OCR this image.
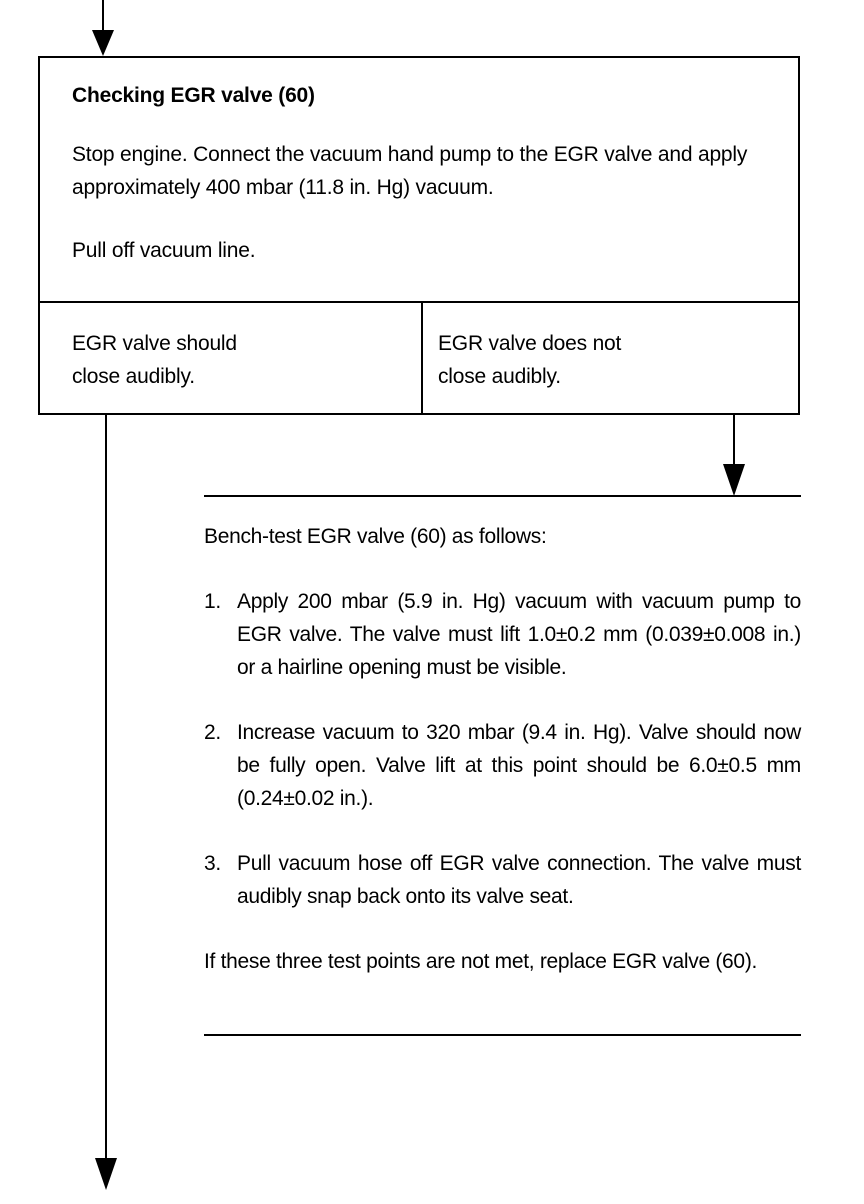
Checking EGR valve (60)
Stop engine. Connect the vacuum hand pump to the EGR valve and apply approximately 400 mbar (11.8 in. Hg) vacuum.
Pull off vacuum line.
EGR valve should
close audibly.
EGR valve does not
close audibly.

Bench-test EGR valve (60) as follows:

1. Apply 200 mbar (5.9 in. Hg) vacuum with vacuum pump to EGR valve. The valve must lift 1.0±0.2 mm (0.039±0.008 in.) or a hairline opening must be visible.
2. Increase vacuum to 320 mbar (9.4 in. Hg). Valve should now be fully open. Valve lift at this point should be 6.0±0.5 mm (0.24±0.02 in.).
3. Pull vacuum hose off EGR valve connection. The valve must audibly snap back onto its valve seat.

If these three test points are not met, replace EGR valve (60).
